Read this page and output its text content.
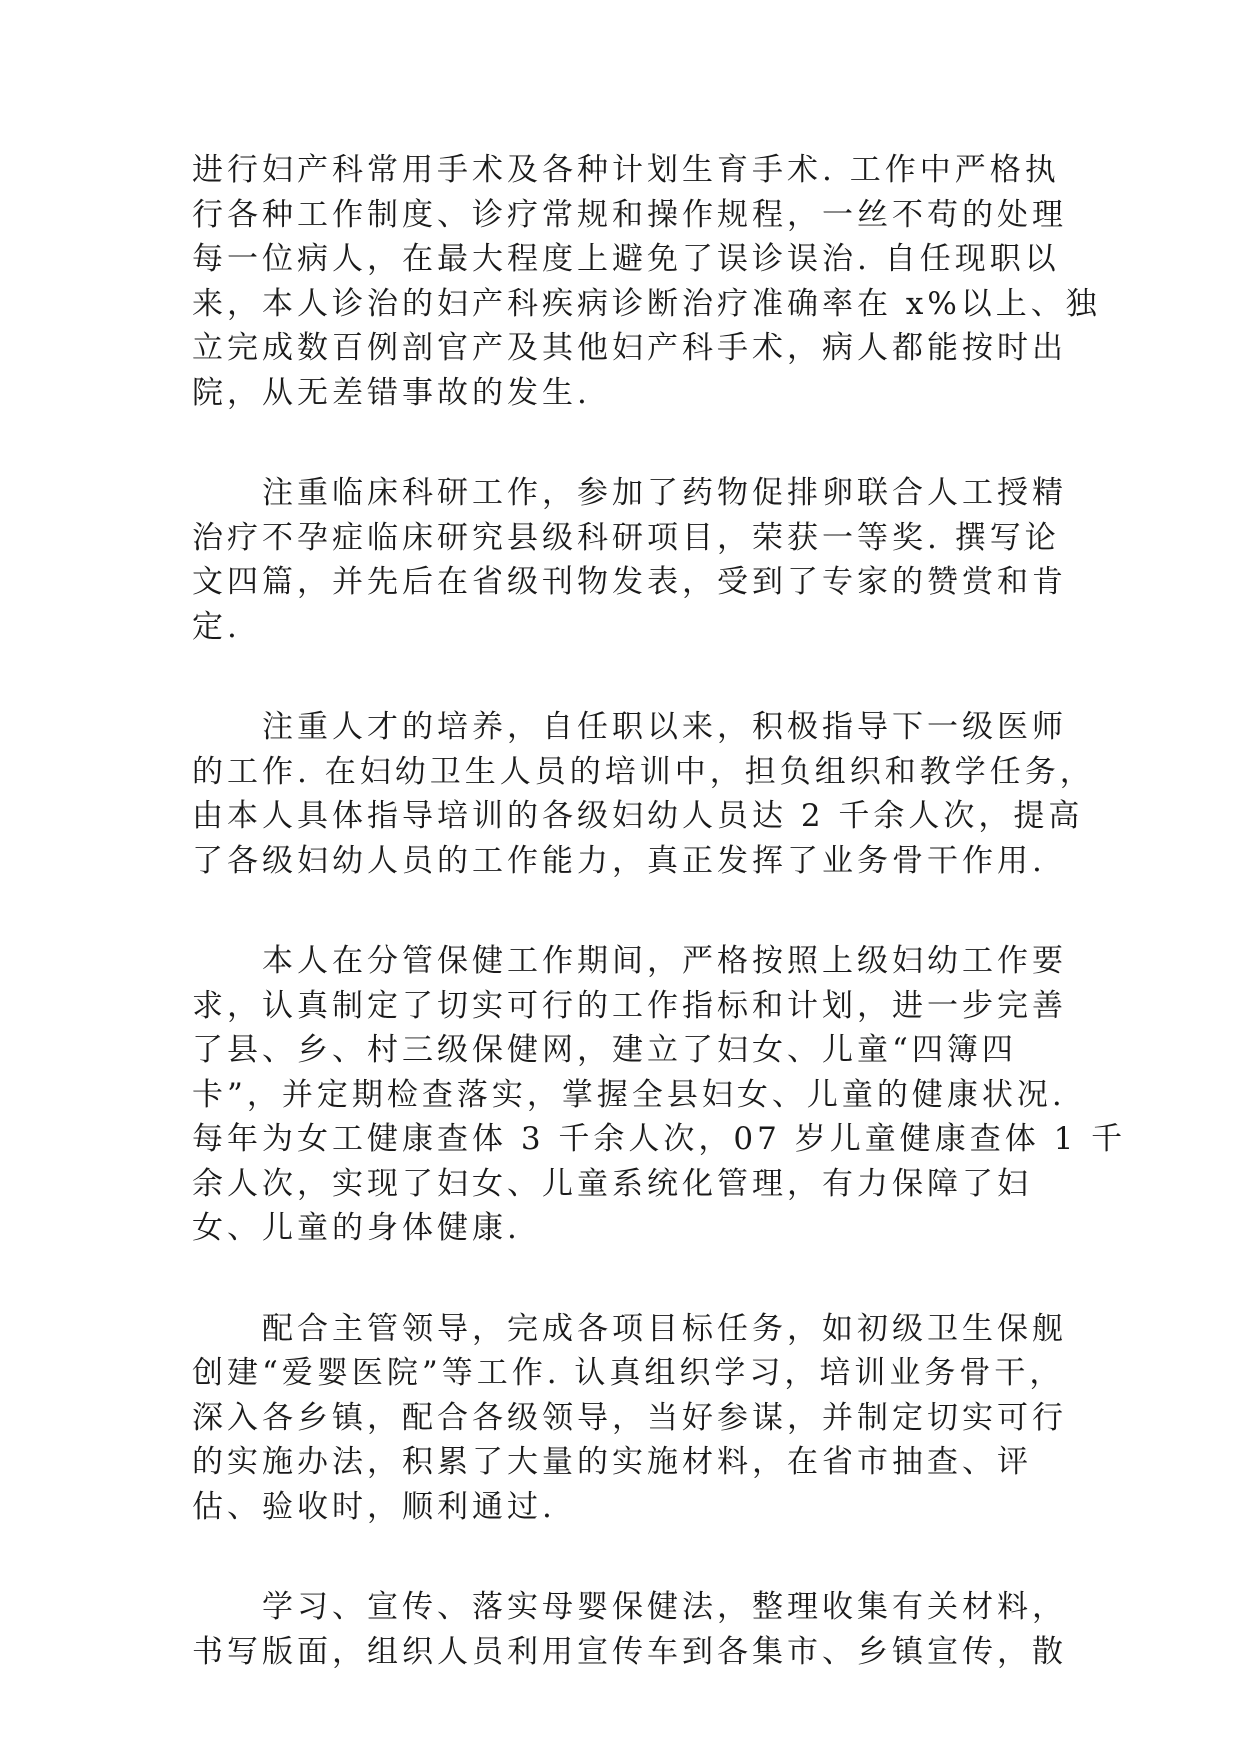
进行妇产科常用手术及各种计划生育手术. 工作中严格执
行各种工作制度、诊疗常规和操作规程，一丝不苟的处理
每一位病人，在最大程度上避免了误诊误治. 自任现职以
来，本人诊治的妇产科疾病诊断治疗准确率在 x%以上、独
立完成数百例剖官产及其他妇产科手术，病人都能按时出
院，从无差错事故的发生.
　　注重临床科研工作，参加了药物促排卵联合人工授精
治疗不孕症临床研究县级科研项目，荣获一等奖. 撰写论
文四篇，并先后在省级刊物发表，受到了专家的赞赏和肯
定.
　　注重人才的培养，自任职以来，积极指导下一级医师
的工作. 在妇幼卫生人员的培训中，担负组织和教学任务，
由本人具体指导培训的各级妇幼人员达 2 千余人次，提高
了各级妇幼人员的工作能力，真正发挥了业务骨干作用.
　　本人在分管保健工作期间，严格按照上级妇幼工作要
求，认真制定了切实可行的工作指标和计划，进一步完善
了县、乡、村三级保健网，建立了妇女、儿童“四簿四
卡”，并定期检查落实，掌握全县妇女、儿童的健康状况.
每年为女工健康查体 3 千余人次，07 岁儿童健康查体 1 千
余人次，实现了妇女、儿童系统化管理，有力保障了妇
女、儿童的身体健康.
　　配合主管领导，完成各项目标任务，如初级卫生保舰
创建“爱婴医院”等工作. 认真组织学习，培训业务骨干，
深入各乡镇，配合各级领导，当好参谋，并制定切实可行
的实施办法，积累了大量的实施材料，在省市抽查、评
估、验收时，顺利通过.
　　学习、宣传、落实母婴保健法，整理收集有关材料，
书写版面，组织人员利用宣传车到各集市、乡镇宣传，散
